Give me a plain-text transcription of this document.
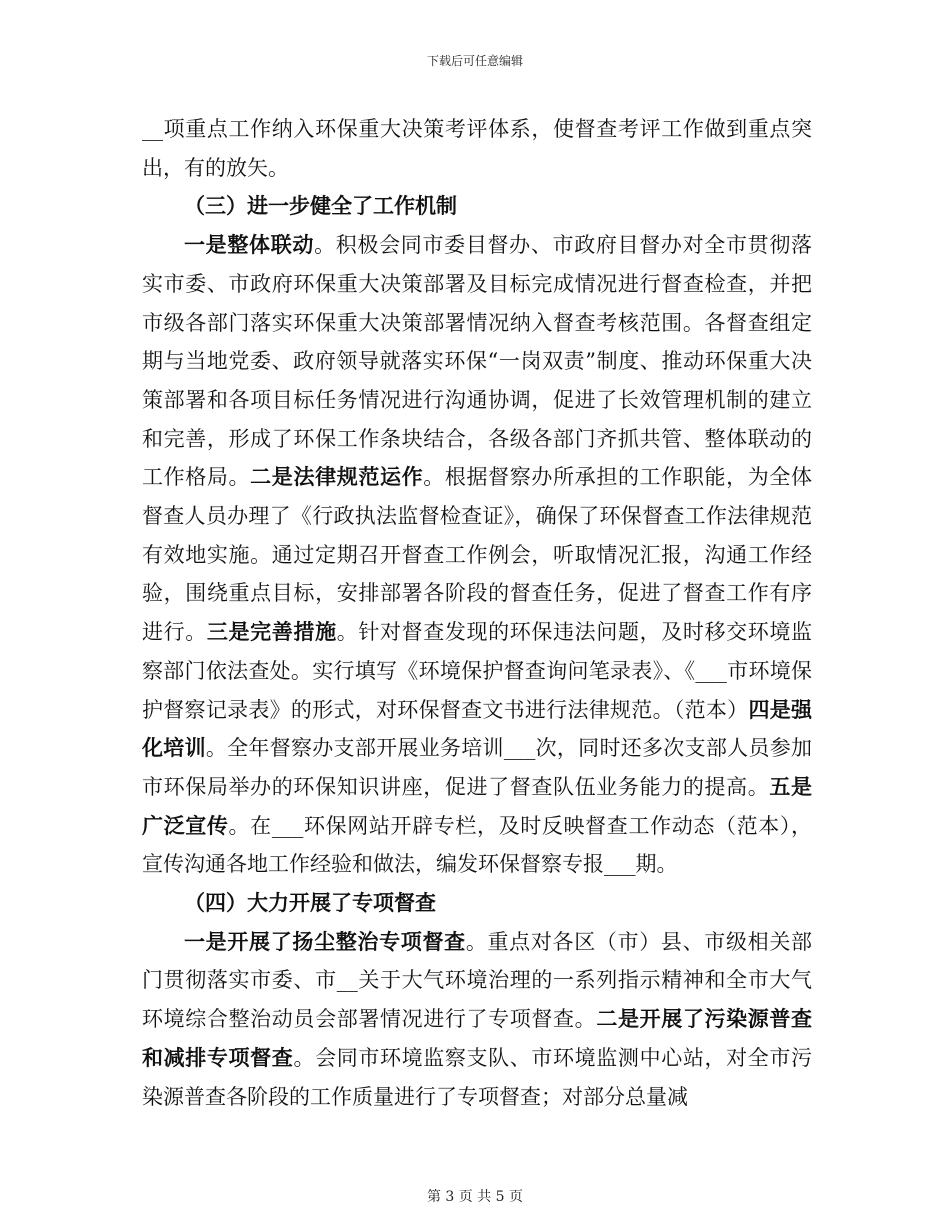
下载后可任意编辑

__项重点工作纳入环保重大决策考评体系，使督查考评工作做到重点突出，有的放矢。

（三）进一步健全了工作机制

一是整体联动。积极会同市委目督办、市政府目督办对全市贯彻落实市委、市政府环保重大决策部署及目标完成情况进行督查检查，并把市级各部门落实环保重大决策部署情况纳入督查考核范围。各督查组定期与当地党委、政府领导就落实环保“一岗双责”制度、推动环保重大决策部署和各项目标任务情况进行沟通协调，促进了长效管理机制的建立和完善，形成了环保工作条块结合，各级各部门齐抓共管、整体联动的工作格局。二是法律规范运作。根据督察办所承担的工作职能，为全体督查人员办理了《行政执法监督检查证》，确保了环保督查工作法律规范有效地实施。通过定期召开督查工作例会，听取情况汇报，沟通工作经验，围绕重点目标，安排部署各阶段的督查任务，促进了督查工作有序进行。三是完善措施。针对督查发现的环保违法问题，及时移交环境监察部门依法查处。实行填写《环境保护督查询问笔录表》、《___市环境保护督察记录表》的形式，对环保督查文书进行法律规范。（范本）四是强化培训。全年督察办支部开展业务培训___次，同时还多次支部人员参加市环保局举办的环保知识讲座，促进了督查队伍业务能力的提高。五是广泛宣传。在___环保网站开辟专栏，及时反映督查工作动态（范本），宣传沟通各地工作经验和做法，编发环保督察专报___期。

（四）大力开展了专项督查

一是开展了扬尘整治专项督查。重点对各区（市）县、市级相关部门贯彻落实市委、市__关于大气环境治理的一系列指示精神和全市大气环境综合整治动员会部署情况进行了专项督查。二是开展了污染源普查和减排专项督查。会同市环境监察支队、市环境监测中心站，对全市污染源普查各阶段的工作质量进行了专项督查；对部分总量减

第 3 页 共 5 页
